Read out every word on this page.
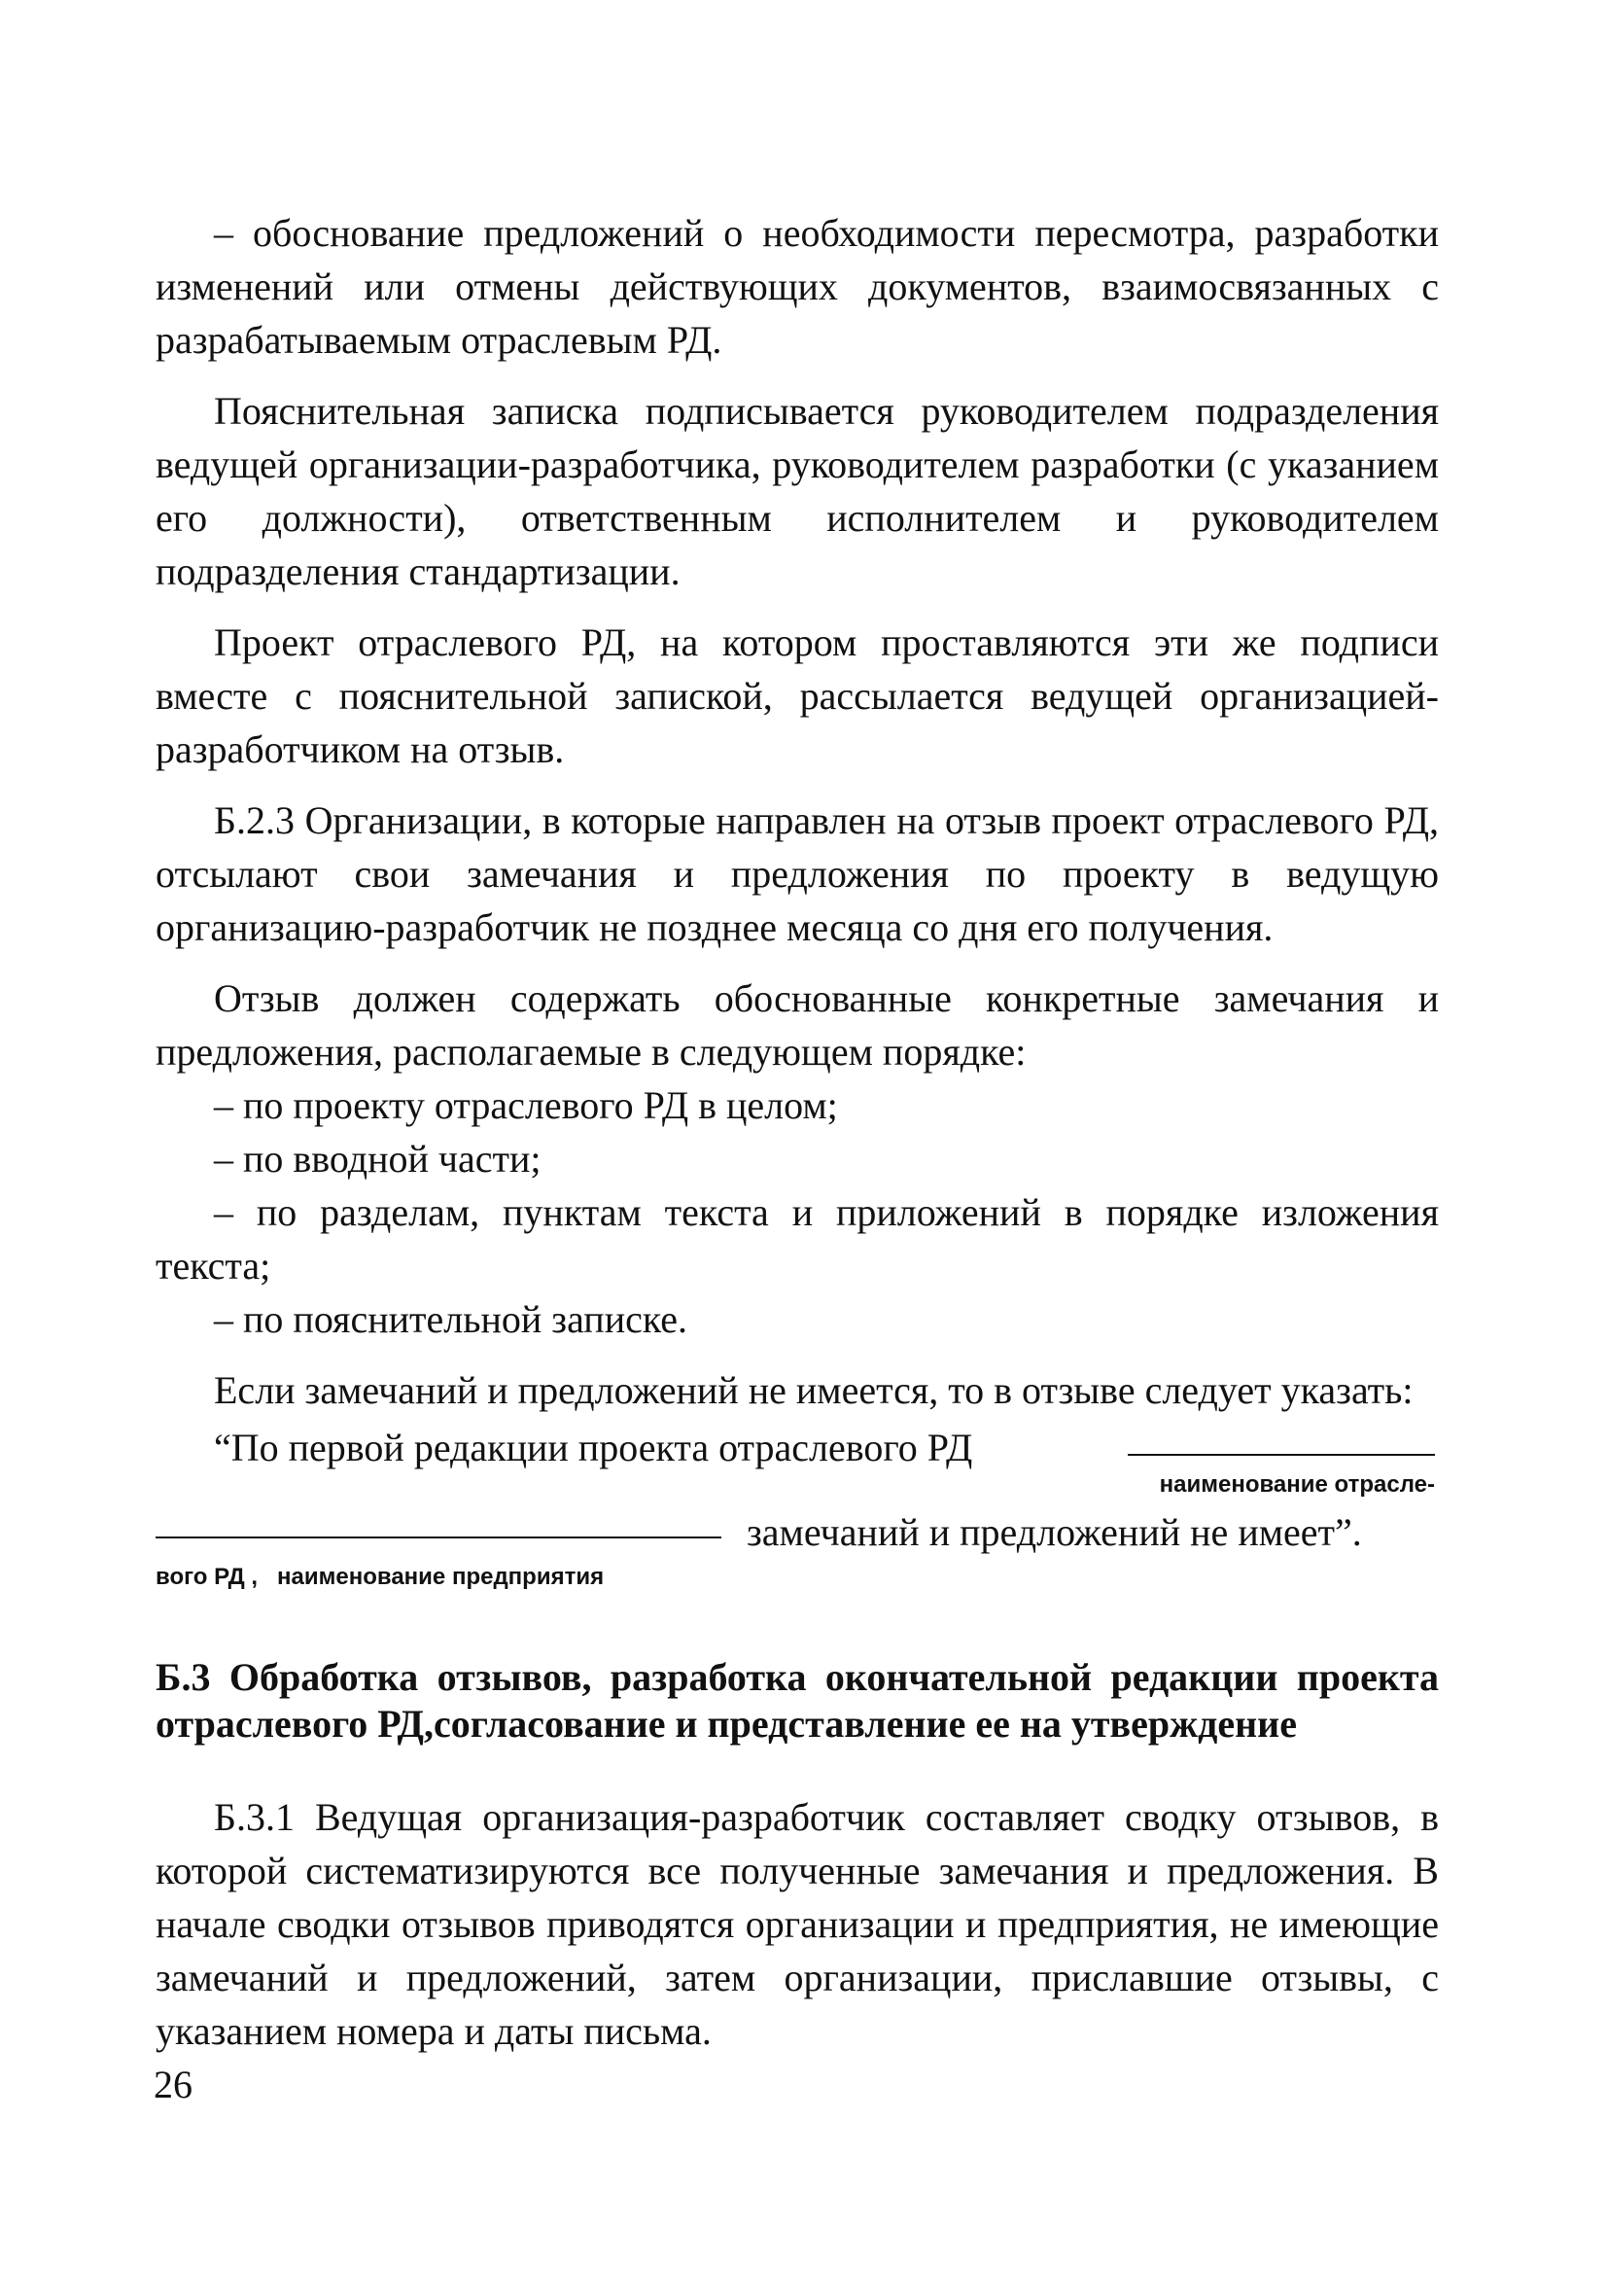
– обоснование предложений о необходимости пересмотра, разработки изменений или отмены действующих документов, взаимосвязанных с разрабатываемым отраслевым РД.

Пояснительная записка подписывается руководителем подразделения ведущей организации-разработчика, руководителем разработки (с указанием его должности), ответственным исполнителем и руководителем подразделения стандартизации.

Проект отраслевого РД, на котором проставляются эти же подписи вместе с пояснительной запиской, рассылается ведущей организацией-разработчиком на отзыв.

Б.2.3 Организации, в которые направлен на отзыв проект отраслевого РД, отсылают свои замечания и предложения по проекту в ведущую организацию-разработчик не позднее месяца со дня его получения.

Отзыв должен содержать обоснованные конкретные замечания и предложения, располагаемые в следующем порядке:

– по проекту отраслевого РД в целом;

– по вводной части;

– по разделам, пунктам текста и приложений в порядке изложения текста;

– по пояснительной записке.

Если замечаний и предложений не имеется, то в отзыве следует указать:

“По первой редакции проекта отраслевого РД
наименование отрасле-
замечаний и предложений не имеет”.
вого РД ,   наименование предприятия
Б.3 Обработка отзывов, разработка окончательной редакции проекта отраслевого РД,согласование и представление ее на утверждение

Б.3.1 Ведущая организация-разработчик составляет сводку отзывов, в которой систематизируются все полученные замечания и предложения. В начале сводки отзывов приводятся организации и предприятия, не имеющие замечаний и предложений, затем организации, приславшие отзывы, с указанием номера и даты письма.

26
